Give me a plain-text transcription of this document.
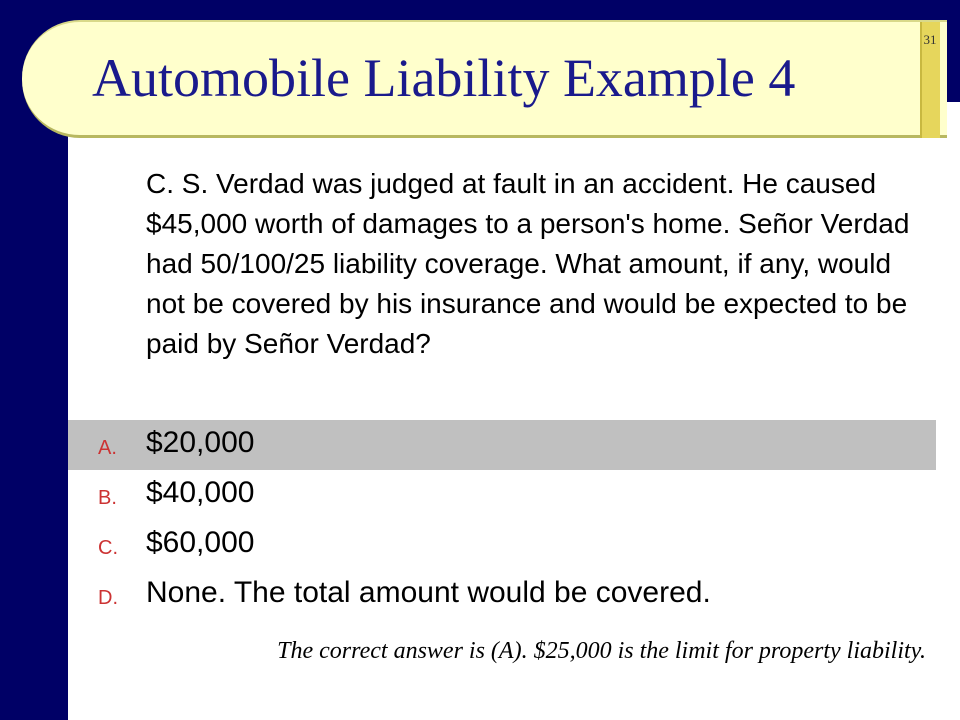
31
Automobile Liability Example 4
C. S. Verdad was judged at fault in an accident. He caused $45,000 worth of damages to a person's home. Señor Verdad had 50/100/25 liability coverage. What amount, if any, would not be covered by his insurance and would be expected to be paid by Señor Verdad?
A. $20,000
B. $40,000
C. $60,000
D. None. The total amount would be covered.
The correct answer is (A). $25,000 is the limit for property liability.
